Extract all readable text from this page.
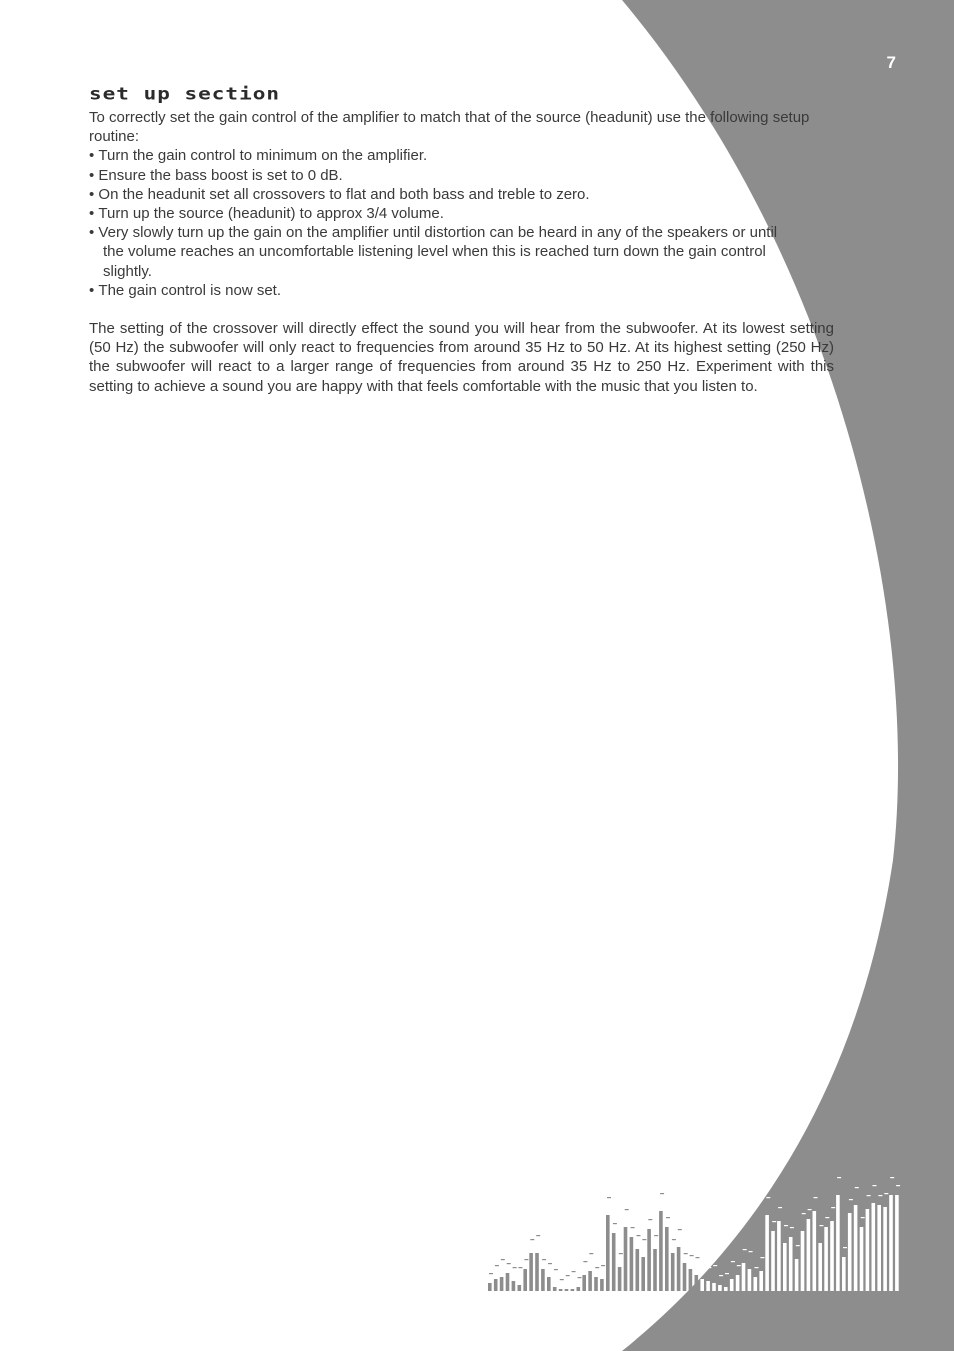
7
set up section

To correctly set the gain control of the amplifier to match that of the source (headunit) use the following setup routine:

• Turn the gain control to minimum on the amplifier.
• Ensure the bass boost is set to 0 dB.
• On the headunit set all crossovers to flat and both bass and treble to zero.
• Turn up the source (headunit) to approx 3/4 volume.
• Very slowly turn up the gain on the amplifier until distortion can be heard in any of the speakers or until the volume reaches an uncomfortable listening level when this is reached turn down the gain control slightly.
• The gain control is now set.

The setting of the crossover will directly effect the sound you will hear from the subwoofer. At its lowest setting (50 Hz) the subwoofer will only react to frequencies from around 35 Hz to 50 Hz. At its highest setting (250 Hz) the subwoofer will react to a larger range of frequencies from around 35 Hz to 250 Hz. Experiment with this setting to achieve a sound you are happy with that feels comfortable with the music that you listen to.
